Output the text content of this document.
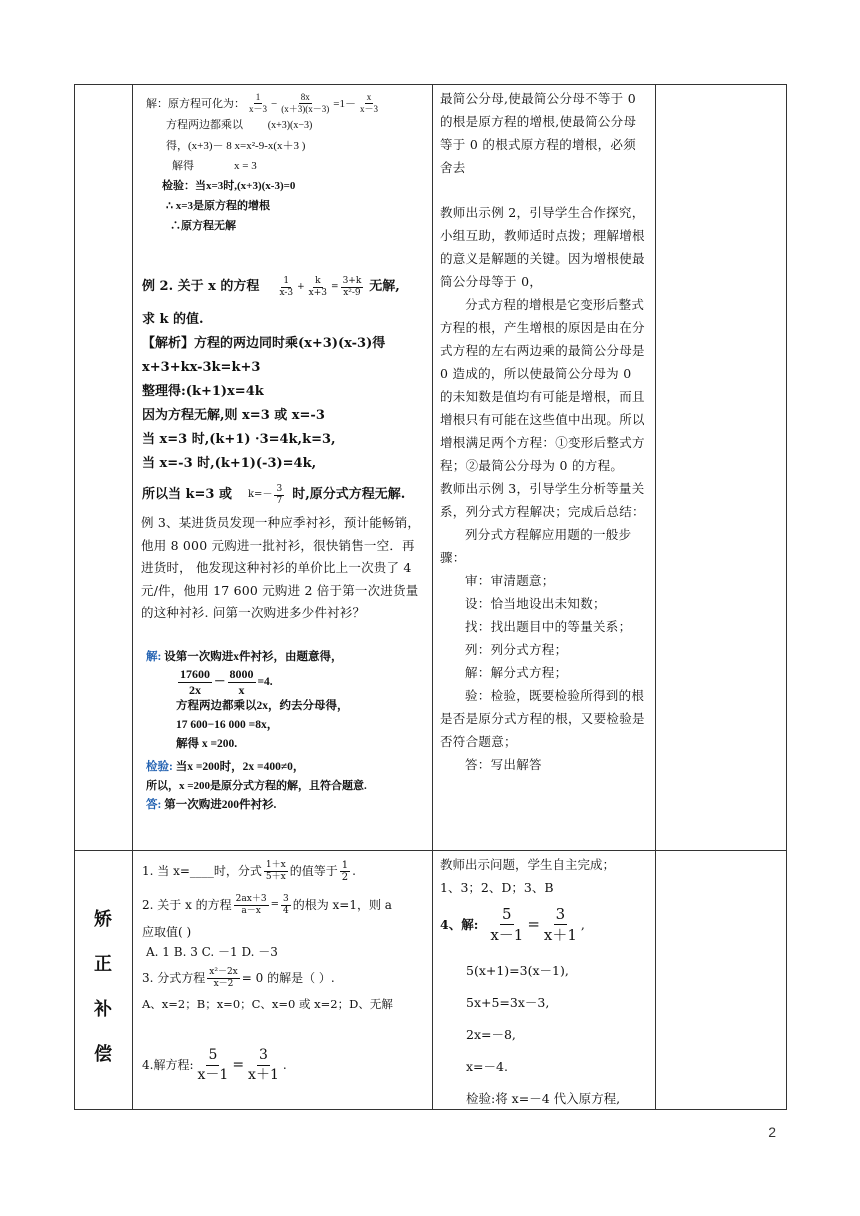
解：原方程可化为： $\frac{1}{x-3} - \frac{8x}{(x+3)(x-3)} =1- \frac{x}{x-3}$
方程两边都乘以 (x+3)(x−3)
得，(x+3)－ 8 x=x²-9-x(x＋3 )
解得	x = 3
检验：当x=3时,(x+3)(x-3)=0
∴ x=3是原方程的增根
∴原方程无解
例 2. 关于 x 的方程 $\frac{1}{x-3} + \frac{k}{x+3} = \frac{3+k}{\text{x²-9}}$ 无解,
求 k 的值.
【解析】方程的两边同时乘(x+3)(x-3)得
x+3+kx-3k=k+3
整理得:(k+1)x=4k
因为方程无解,则 x=3 或 x=-3
当 x=3 时,(k+1) ·3=4k,k=3,
当 x=-3 时,(k+1)(-3)=4k,
所以当 k=3 或 $k=- \frac{3}{7}$ 时,原分式方程无解.
例 3、某进货员发现一种应季衬衫，预计能畅销，他用 8 000 元购进一批衬衫，很快销售一空．再进货时， 他发现这种衬衫的单价比上一次贵了 4 元/件，他用 17 600 元购进 2 倍于第一次进货量的这种衬衫. 问第一次购进多少件衬衫？
解: 设第一次购进x件衬衫，由题意得，
$\frac{17600}{2x} - \frac{8000}{x} =4$.
方程两边都乘以2x，约去分母得，
17 600−16 000 =8x，
解得 x =200.
检验: 当x =200时，2x =400≠0，
所以，x =200是原分式方程的解，且符合题意.
答: 第一次购进200件衬衫.
最简公分母,使最简公分母不等于 0 的根是原方程的增根,使最简公分母等于 0 的根式原方程的增根，必须舍去
教师出示例 2，引导学生合作探究，小组互助，教师适时点拨；理解增根的意义是解题的关键。因为增根使最简公分母等于 0，
分式方程的增根是它变形后整式方程的根，产生增根的原因是由在分式方程的左右两边乘的最简公分母是 0 造成的，所以使最简公分母为 0 的未知数是值均有可能是增根，而且增根只有可能在这些值中出现。所以增根满足两个方程：①变形后整式方程；②最简公分母为 0 的方程。
教师出示例 3，引导学生分析等量关系，列分式方程解决；完成后总结：
列分式方程解应用题的一般步骤：
审：审清题意；
设：恰当地设出未知数；
找：找出题目中的等量关系；
列：列分式方程；
解：解分式方程；
验：检验，既要检验所得到的根是否是原分式方程的根，又要检验是否符合题意；
答：写出解答
矫
正
补
偿
1. 当 x=____时，分式 $\frac{1+x}{5+x}$ 的值等于 $\frac{1}{2}$ .
2. 关于 x 的方程 $\frac{2ax+3}{a-x} = \frac{3}{4}$ 的根为 x=1，则 a
应取值( )
A. 1 B. 3 C. －1 D. －3
3. 分式方程 $\frac{\text{x²－2x}}{x-2} = 0$ 的解是（ ）.
A、x=2；B；x=0；C、x=0 或 x=2；D、无解
4.解方程: $\frac{5}{x-1} = \frac{3}{x+1}$ .
教师出示问题，学生自主完成；
1、3；2、D；3、B
4、解: $\frac{5}{x-1} = \frac{3}{x+1}$ ,
5(x+1)=3(x－1),
5x+5=3x－3,
2x=－8,
x=－4.
检验:将 x=－4 代入原方程,
2
